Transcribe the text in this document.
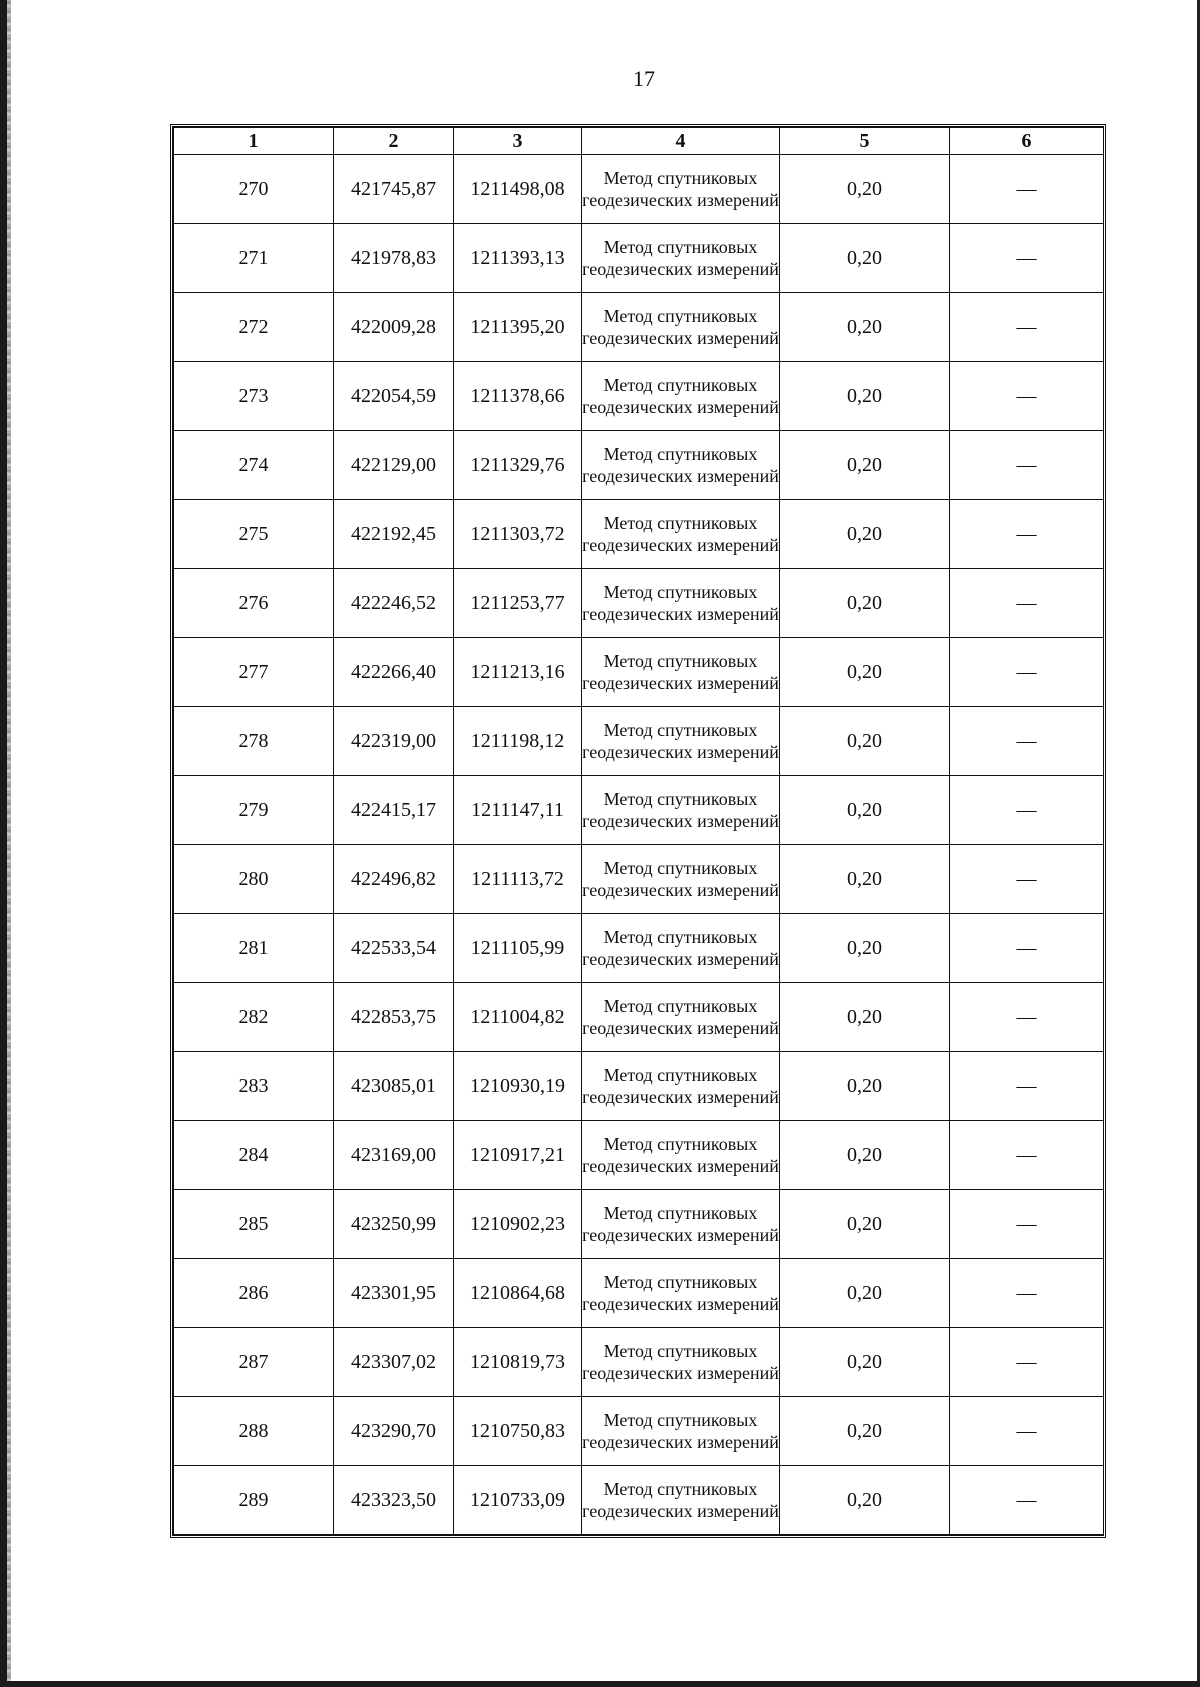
17
1	2	3	4	5	6
270	421745,87	1211498,08	Метод спутниковых геодезических измерений	0,20	—
271	421978,83	1211393,13	Метод спутниковых геодезических измерений	0,20	—
272	422009,28	1211395,20	Метод спутниковых геодезических измерений	0,20	—
273	422054,59	1211378,66	Метод спутниковых геодезических измерений	0,20	—
274	422129,00	1211329,76	Метод спутниковых геодезических измерений	0,20	—
275	422192,45	1211303,72	Метод спутниковых геодезических измерений	0,20	—
276	422246,52	1211253,77	Метод спутниковых геодезических измерений	0,20	—
277	422266,40	1211213,16	Метод спутниковых геодезических измерений	0,20	—
278	422319,00	1211198,12	Метод спутниковых геодезических измерений	0,20	—
279	422415,17	1211147,11	Метод спутниковых геодезических измерений	0,20	—
280	422496,82	1211113,72	Метод спутниковых геодезических измерений	0,20	—
281	422533,54	1211105,99	Метод спутниковых геодезических измерений	0,20	—
282	422853,75	1211004,82	Метод спутниковых геодезических измерений	0,20	—
283	423085,01	1210930,19	Метод спутниковых геодезических измерений	0,20	—
284	423169,00	1210917,21	Метод спутниковых геодезических измерений	0,20	—
285	423250,99	1210902,23	Метод спутниковых геодезических измерений	0,20	—
286	423301,95	1210864,68	Метод спутниковых геодезических измерений	0,20	—
287	423307,02	1210819,73	Метод спутниковых геодезических измерений	0,20	—
288	423290,70	1210750,83	Метод спутниковых геодезических измерений	0,20	—
289	423323,50	1210733,09	Метод спутниковых геодезических измерений	0,20	—
